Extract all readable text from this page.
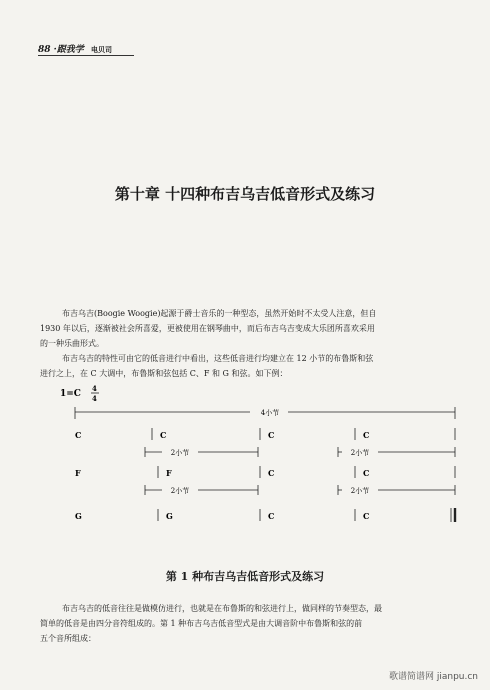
88 ·跟我学 电贝司
第十章 十四种布吉乌吉低音形式及练习
布吉乌吉(Boogie Woogie)起源于爵士音乐的一种型态，虽然开始时不太受人注意，但自
1930 年以后，逐渐被社会所喜爱，更被使用在钢琴曲中，而后布吉乌吉变成大乐团所喜欢采用
的一种乐曲形式。
布吉乌吉的特性可由它的低音进行中看出，这些低音进行均建立在 12 小节的布鲁斯和弦
进行之上，在 C 大调中，布鲁斯和弦包括 C、F 和 G 和弦。如下例：
1=C
4
4
4小节
C	C	C	C
2小节	2小节
F	F	C	C
2小节	2小节
G	G	C	C
第 1 种布吉乌吉低音形式及练习
布吉乌吉的低音往往是做模仿进行，也就是在布鲁斯的和弦进行上，做同样的节奏型态，最
简单的低音是由四分音符组成的。第 1 种布吉乌吉低音型式是由大调音阶中布鲁斯和弦的前
五个音所组成：
歌谱简谱网 jianpu.cn
